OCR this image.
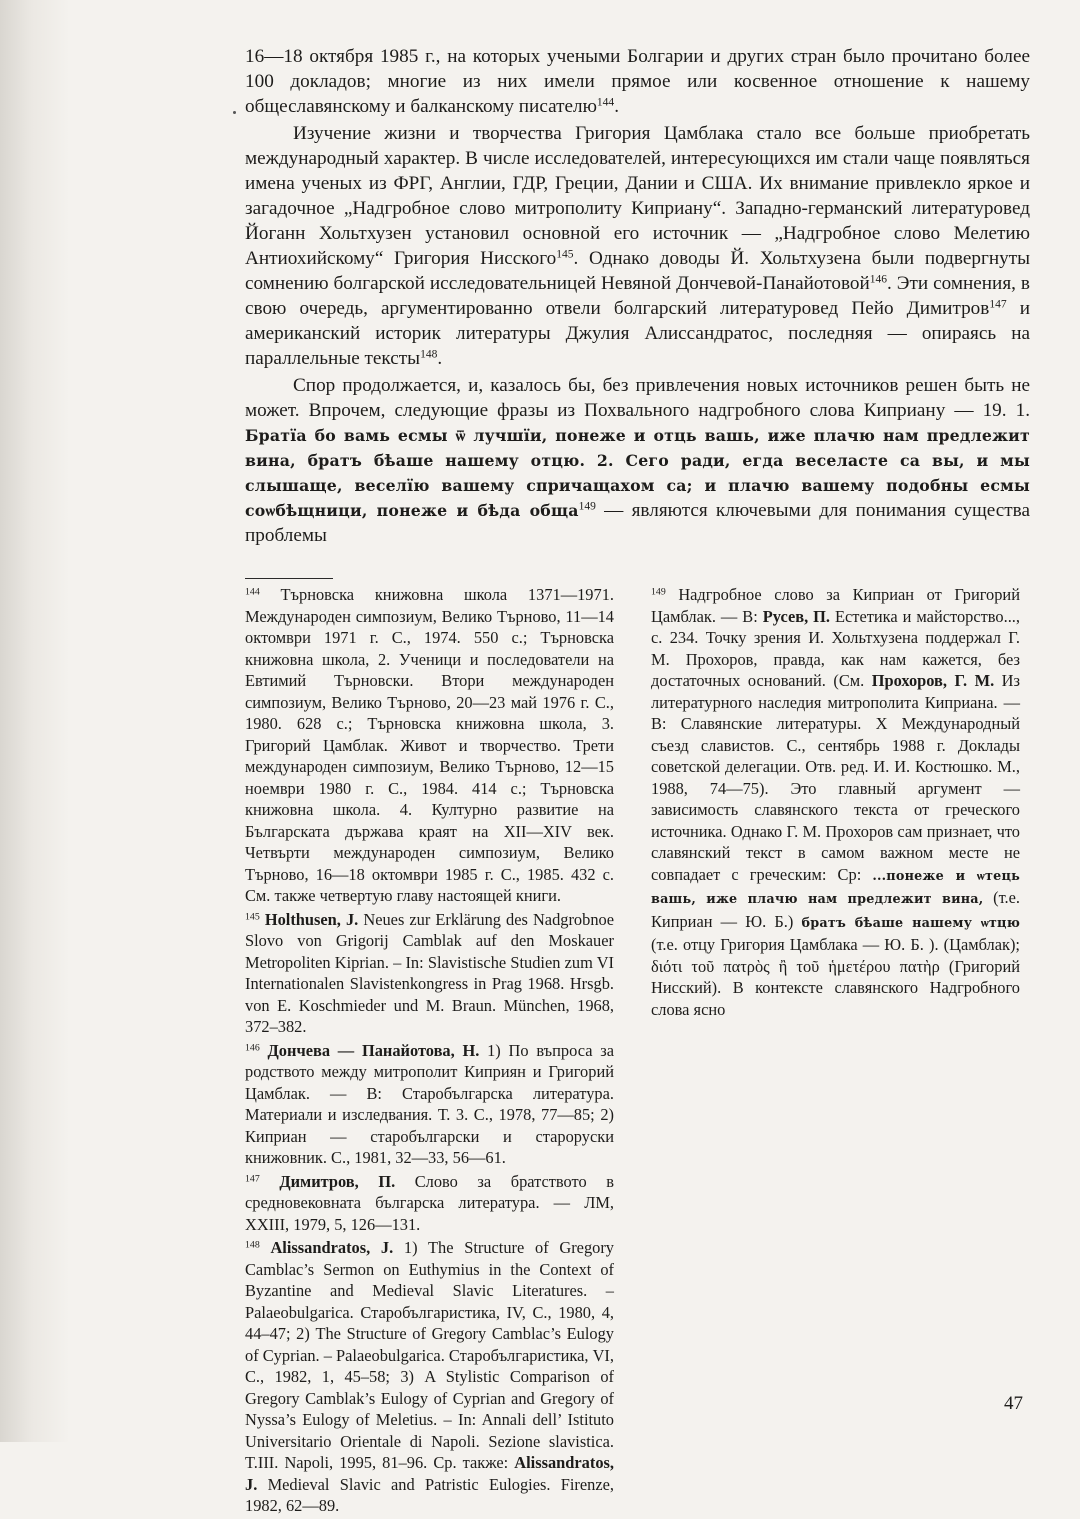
16—18 октября 1985 г., на которых учеными Болгарии и других стран было прочитано более 100 докладов; многие из них имели прямое или косвенное отношение к нашему общеславянскому и балканскому писателю$^{144}$.

Изучение жизни и творчества Григория Цамблака стало все больше приобретать международный характер. В числе исследователей, интересующихся им стали чаще появляться имена ученых из ФРГ, Англии, ГДР, Греции, Дании и США. Их внимание привлекло яркое и загадочное „Надгробное слово митрополиту Киприану“. Западно-германский литературовед Йоганн Хольтхузен установил основной его источник — „Надгробное слово Мелетию Антиохийскому“ Григория Нисского$^{145}$. Однако доводы Й. Хольтхузена были подвергнуты сомнению болгарской исследовательницей Невяной Дончевой-Панайотовой$^{146}$. Эти сомнения, в свою очередь, аргументированно отвели болгарский литературовед Пейо Димитров$^{147}$ и американский историк литературы Джулия Алиссандратос, последняя — опираясь на параллельные тексты$^{148}$.

Спор продолжается, и, казалось бы, без привлечения новых источников решен быть не может. Впрочем, следующие фразы из Похвального надгробного слова Киприану — 19. 1. Братїа бо вамь есмы ѿ лучшїи, понеже и отць вашь, иже плачю нам предлежит вина, братъ бѣаше нашему отцю. 2. Сего ради, егда веселасте са вы, и мы слышаще, веселїю вашему спричащахом са; и плачю вашему подобны есмы соѡбѣщници, понеже и бѣда обща$^{149}$ — являются ключевыми для понимания существа проблемы

$^{144}$ Търновска книжовна школа 1371—1971. Международен симпозиум, Велико Търново, 11—14 октомври 1971 г. С., 1974. 550 с.; Търновска книжовна школа, 2. Ученици и последователи на Евтимий Търновски. Втори международен симпозиум, Велико Търново, 20—23 май 1976 г. С., 1980. 628 с.; Търновска книжовна школа, 3. Григорий Цамблак. Живот и творчество. Трети международен симпозиум, Велико Търново, 12—15 ноември 1980 г. С., 1984. 414 с.; Търновска книжовна школа. 4. Културно развитие на Българската държава краят на XII—XIV век. Четвърти международен симпозиум, Велико Търново, 16—18 октомври 1985 г. С., 1985. 432 с. См. также четвертую главу настоящей книги.

$^{145}$ Holthusen, J. Neues zur Erklärung des Nadgrobnoe Slovo von Grigorij Camblak auf den Moskauer Metropoliten Kiprian. – In: Slavistische Studien zum VI Internationalen Slavistenkongress in Prag 1968. Hrsgb. von E. Koschmieder und M. Braun. München, 1968, 372–382.

$^{146}$ Дончева — Панайотова, Н. 1) По въпроса за родството между митрополит Киприян и Григорий Цамблак. — В: Старобългарска литература. Материали и изследвания. Т. 3. С., 1978, 77—85; 2) Киприан — старобългарски и староруски книжовник. С., 1981, 32—33, 56—61.

$^{147}$ Димитров, П. Слово за братството в средновековната българска литература. — ЛМ, XXIII, 1979, 5, 126—131.

$^{148}$ Alissandratos, J. 1) The Structure of Gregory Camblac’s Sermon on Euthymius in the Context of Byzantine and Medieval Slavic Literatures. – Palaeobulgarica. Старобългаристика, IV, С., 1980, 4, 44–47; 2) The Structure of Gregory Camblac’s Eulogy of Cyprian. – Palaeobulgarica. Старобългаристика, VI, С., 1982, 1, 45–58; 3) A Stylistic Comparison of Gregory Camblak’s Eulogy of Cyprian and Gregory of Nyssa’s Eulogy of Meletius. – In: Annali dell’ Istituto Universitario Orientale di Napoli. Sezione slavistica. T.III. Napoli, 1995, 81–96. Ср. также: Alissandratos, J. Medieval Slavic and Patristic Eulogies. Firenze, 1982, 62—89.

$^{149}$ Надгробное слово за Киприан от Григорий Цамблак. — В: Русев, П. Естетика и майсторство..., с. 234. Точку зрения И. Хольтхузена поддержал Г. М. Прохоров, правда, как нам кажется, без достаточных оснований. (См. Прохоров, Г. М. Из литературного наследия митрополита Киприана. — В: Славянские литературы. X Международный съезд славистов. С., сентябрь 1988 г. Доклады советской делегации. Отв. ред. И. И. Костюшко. М., 1988, 74—75). Это главный аргумент — зависимость славянского текста от греческого источника. Однако Г. М. Прохоров сам признает, что славянский текст в самом важном месте не совпадает с греческим: Ср: ...понеже и ѡтець вашь, иже плачю нам предлежит вина, (т.е. Киприан — Ю. Б.) братъ бѣаше нашему ѡтцю (т.е. отцу Григория Цамблака — Ю. Б. ). (Цамблак); διότι τοῦ πατρὸς ἢ τοῦ ἡμετέρου πατὴρ (Григорий Нисский). В контексте славянского Надгробного слова ясно

47
